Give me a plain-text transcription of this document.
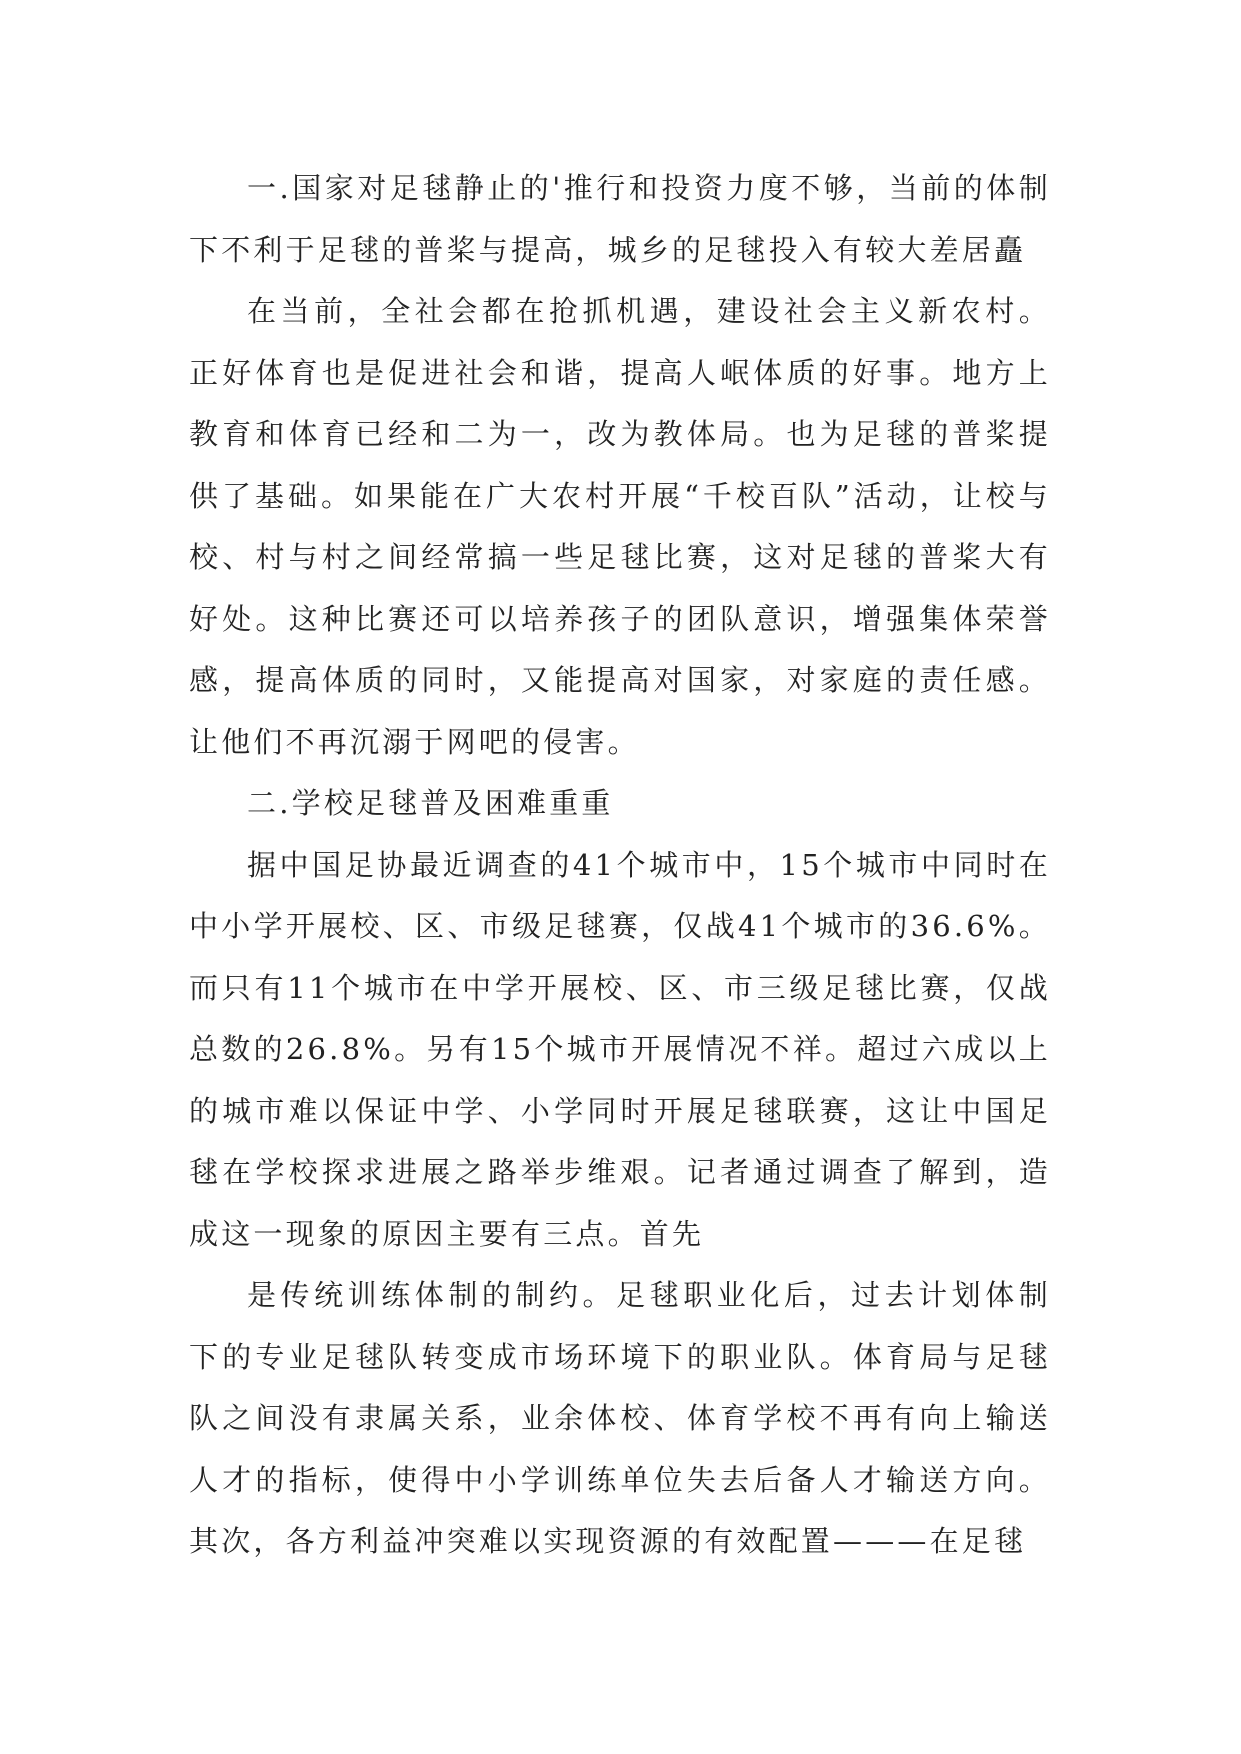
一.国家对足毬静止的'推行和投资力度不够，当前的体制下不利于足毬的普桨与提高，城乡的足毬投入有较大差居矗

在当前，全社会都在抢抓机遇，建设社会主义新农村。正好体育也是促进社会和谐，提高人岷体质的好事。地方上教育和体育已经和二为一，改为教体局。也为足毬的普桨提供了基础。如果能在广大农村开展“千校百队”活动，让校与校、村与村之间经常搞一些足毬比赛，这对足毬的普桨大有好处。这种比赛还可以培养孩子的团队意识，增强集体荣誉感，提高体质的同时，又能提高对国家，对家庭的责任感。让他们不再沉溺于网吧的侵害。

二.学校足毬普及困难重重

据中国足协最近调查的41个城市中，15个城市中同时在中小学开展校、区、市级足毬赛，仅战41个城市的36.6%。而只有11个城市在中学开展校、区、市三级足毬比赛，仅战总数的26.8%。另有15个城市开展情况不祥。超过六成以上的城市难以保证中学、小学同时开展足毬联赛，这让中国足毬在学校探求进展之路举步维艰。记者通过调查了解到，造成这一现象的原因主要有三点。首先

是传统训练体制的制约。足毬职业化后，过去计划体制下的专业足毬队转变成市场环境下的职业队。体育局与足毬队之间没有隶属关系，业余体校、体育学校不再有向上输送人才的指标，使得中小学训练单位失去后备人才输送方向。其次，各方利益冲突难以实现资源的有效配置———在足毬
